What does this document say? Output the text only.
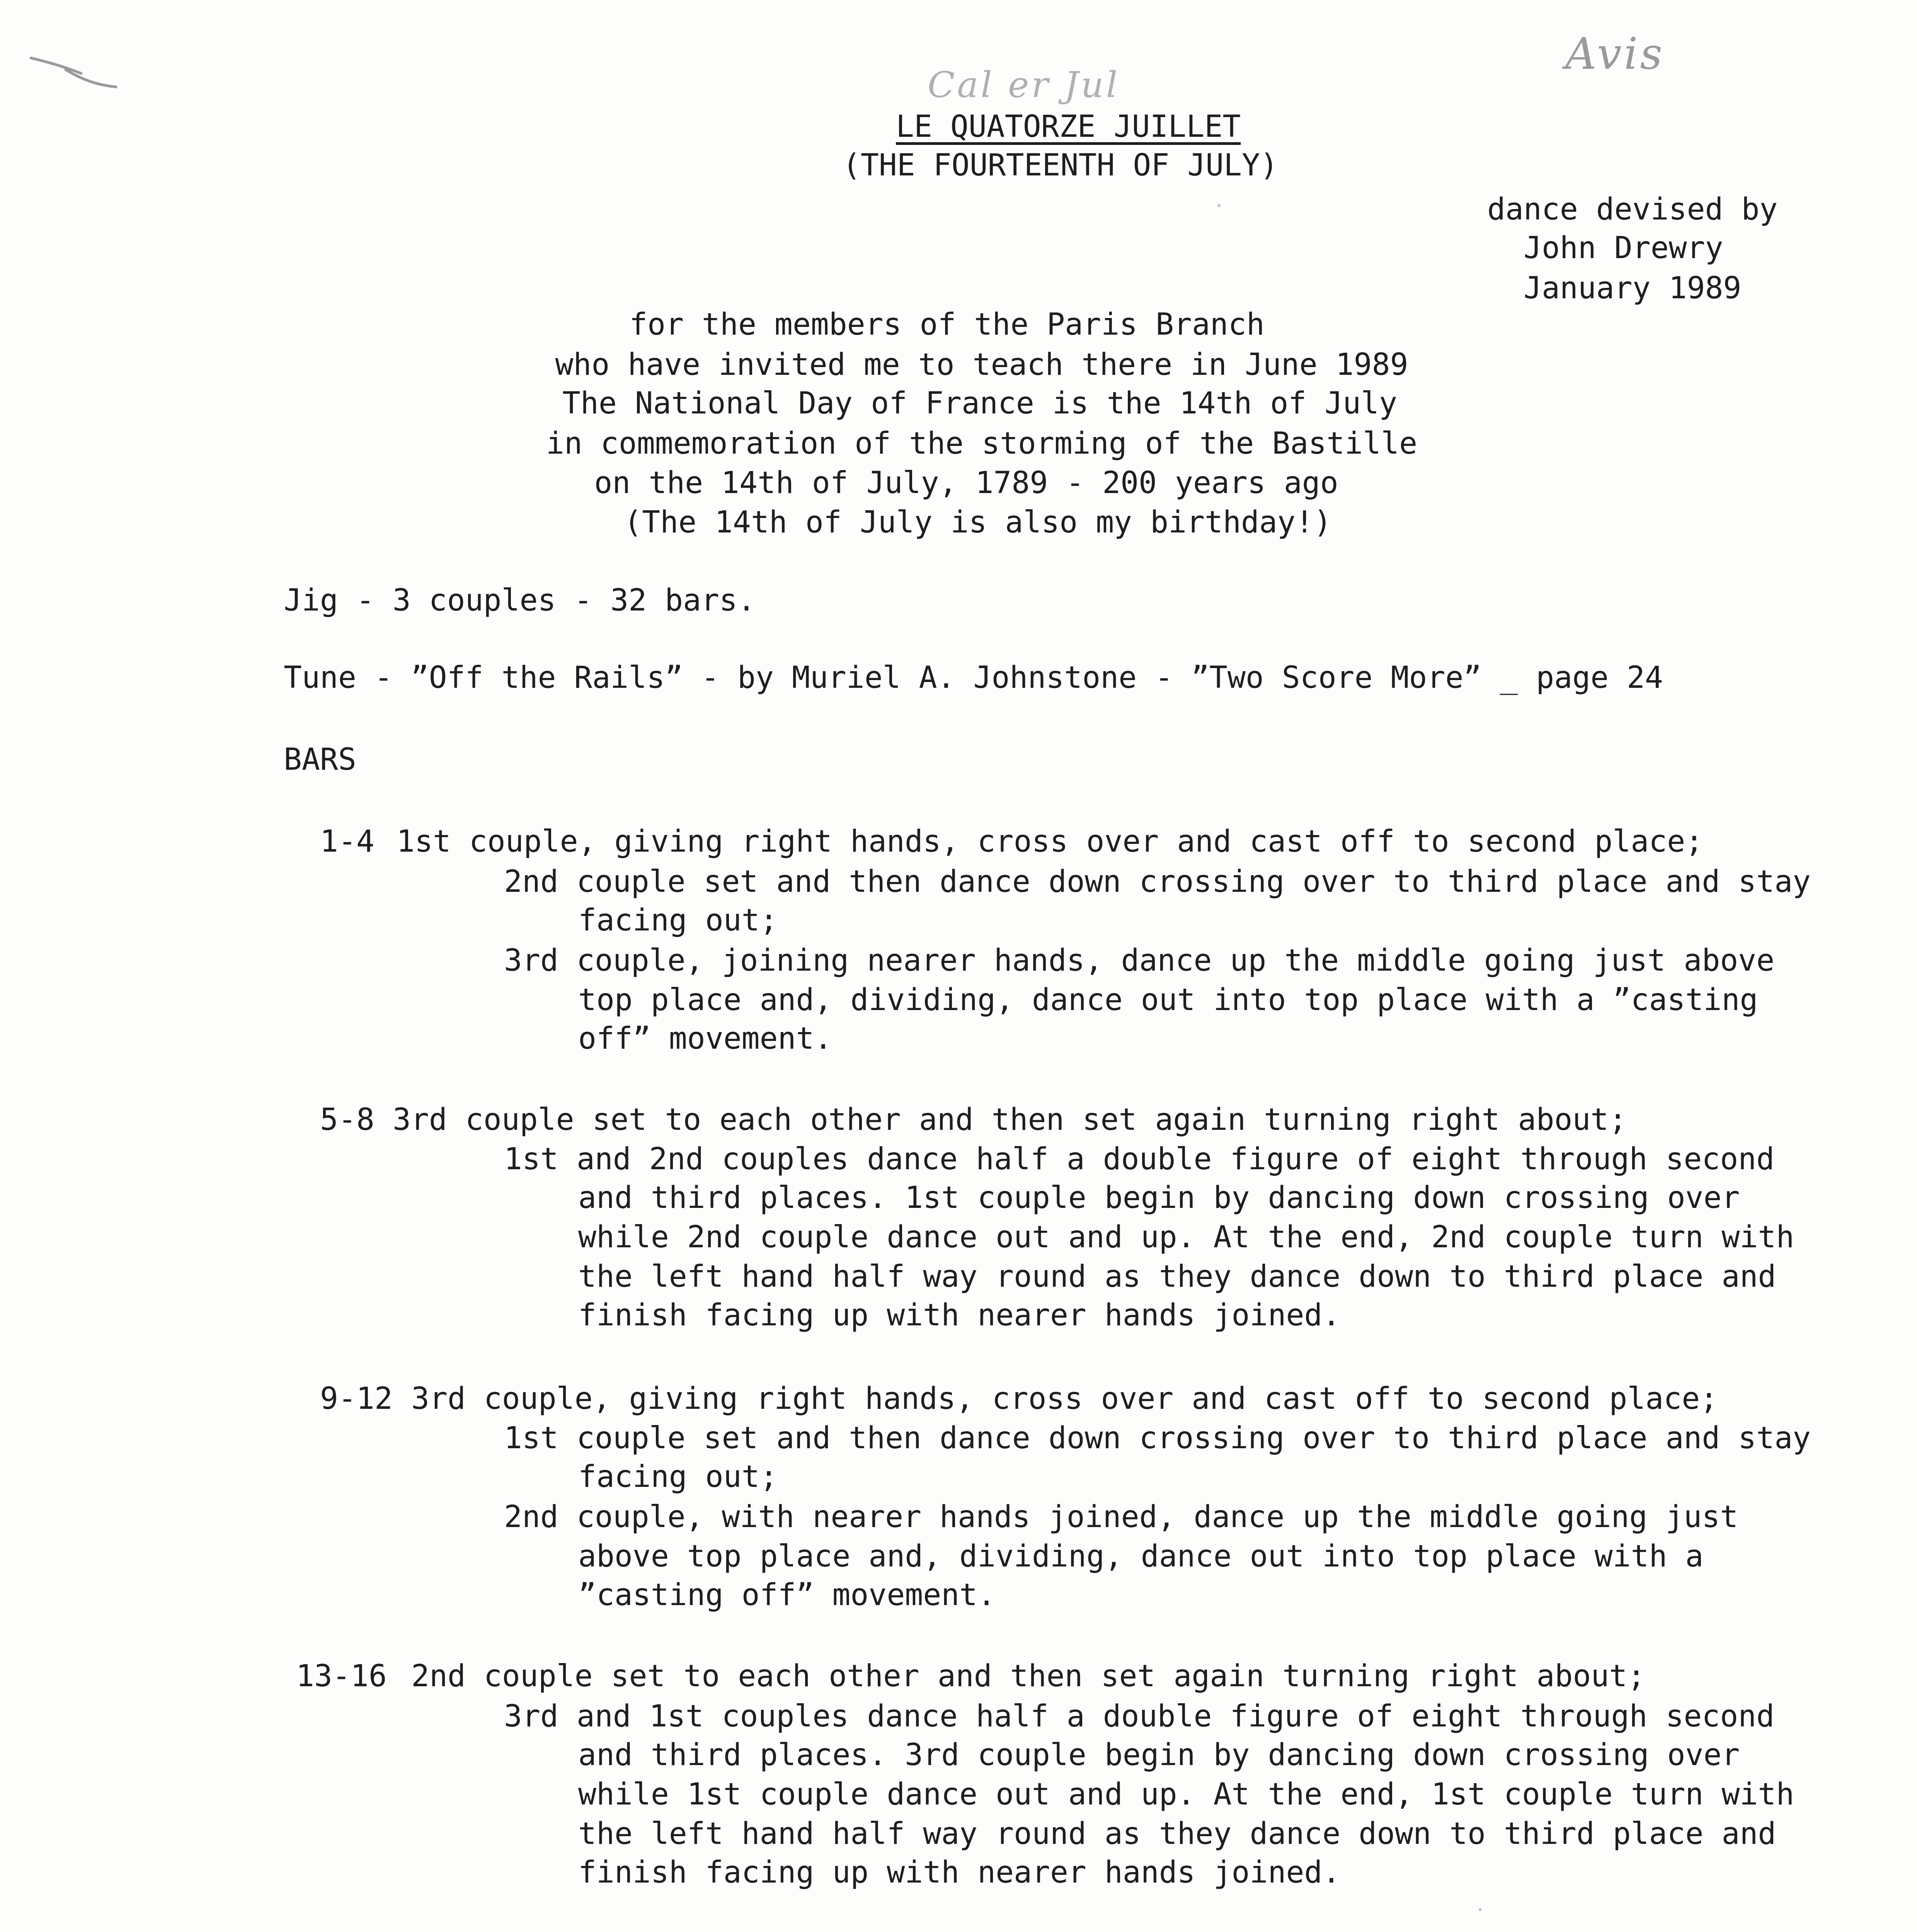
Avis
Cal er Jul
LE QUATORZE JUILLET
(THE FOURTEENTH OF JULY)
dance devised by
John Drewry
January 1989
for the members of the Paris Branch
who have invited me to teach there in June 1989
The National Day of France is the 14th of July
in commemoration of the storming of the Bastille
on the 14th of July, 1789 - 200 years ago
(The 14th of July is also my birthday!)
Jig - 3 couples - 32 bars.
Tune - ”Off the Rails” - by Muriel A. Johnstone - ”Two Score More” _ page 24
BARS
1-4 1st couple, giving right hands, cross over and cast off to second place;
2nd couple set and then dance down crossing over to third place and stay
facing out;
3rd couple, joining nearer hands, dance up the middle going just above
top place and, dividing, dance out into top place with a ”casting
off” movement.
5-8 3rd couple set to each other and then set again turning right about;
1st and 2nd couples dance half a double figure of eight through second
and third places. 1st couple begin by dancing down crossing over
while 2nd couple dance out and up. At the end, 2nd couple turn with
the left hand half way round as they dance down to third place and
finish facing up with nearer hands joined.
9-12 3rd couple, giving right hands, cross over and cast off to second place;
1st couple set and then dance down crossing over to third place and stay
facing out;
2nd couple, with nearer hands joined, dance up the middle going just
above top place and, dividing, dance out into top place with a
”casting off” movement.
13-16 2nd couple set to each other and then set again turning right about;
3rd and 1st couples dance half a double figure of eight through second
and third places. 3rd couple begin by dancing down crossing over
while 1st couple dance out and up. At the end, 1st couple turn with
the left hand half way round as they dance down to third place and
finish facing up with nearer hands joined.
